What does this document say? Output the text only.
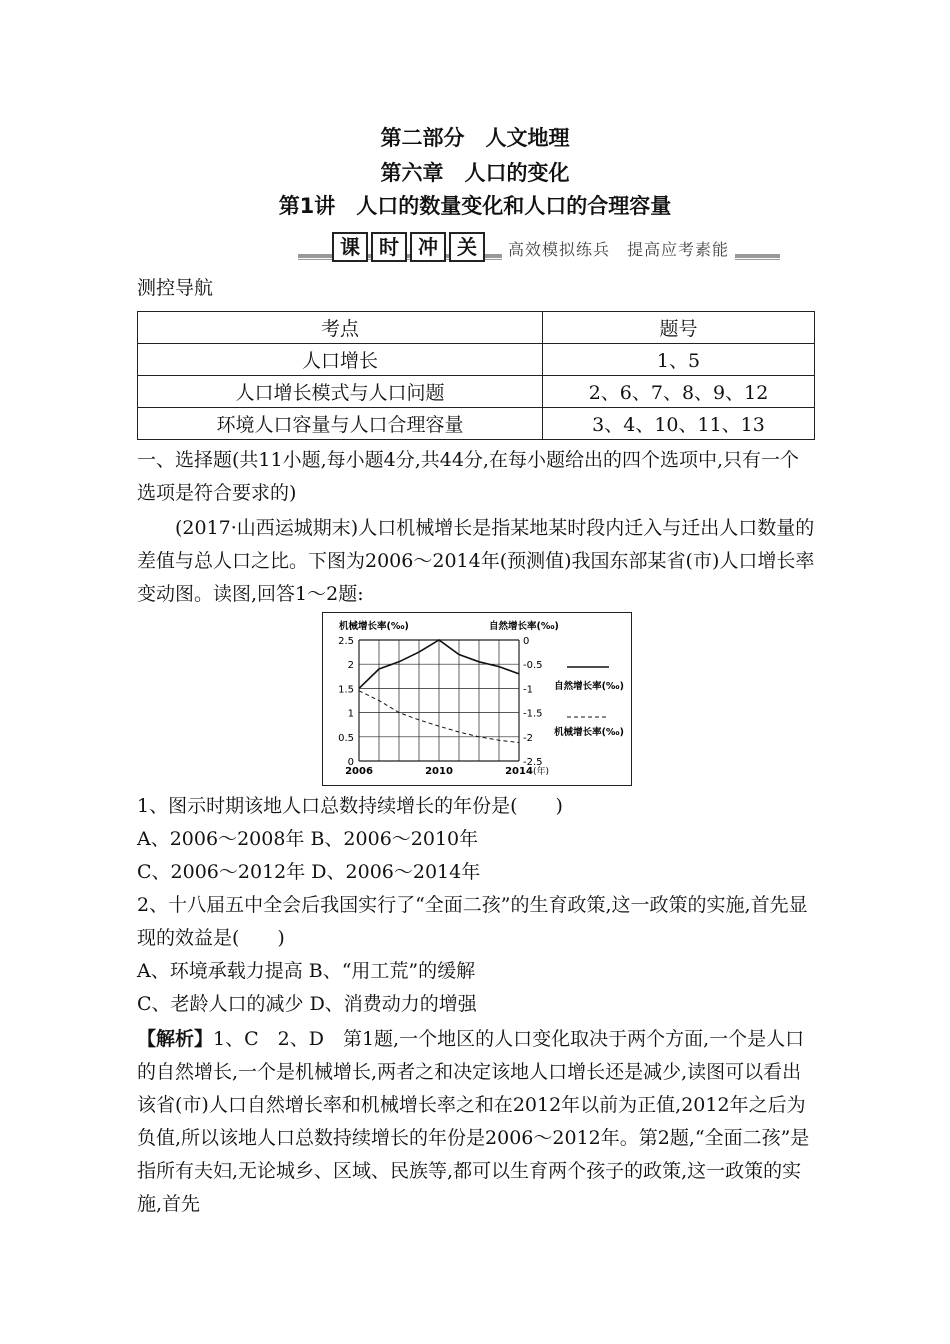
第二部分　人文地理
第六章　人口的变化
第1讲　人口的数量变化和人口的合理容量
课 时 冲 关	高效模拟练兵　提高应考素能
测控导航
考点	题号
人口增长	1、5
人口增长模式与人口问题	2、6、7、8、9、12
环境人口容量与人口合理容量	3、4、10、11、13
一、选择题(共11小题,每小题4分,共44分,在每小题给出的四个选项中,只有一个选项是符合要求的)
(2017·山西运城期末)人口机械增长是指某地某时段内迁入与迁出人口数量的差值与总人口之比。下图为2006～2014年(预测值)我国东部某省(市)人口增长率变动图。读图,回答1～2题:
0
0.5
1
1.5
2
2.5
-2.5
-2
-1.5
-1
-0.5
0
2006	2010	2014 (年)
机械增长率(‰)	自然增长率(‰)
自然增长率(‰)
机械增长率(‰)
1、图示时期该地人口总数持续增长的年份是(　　)
A、2006～2008年 B、2006～2010年
C、2006～2012年 D、2006～2014年
2、十八届五中全会后我国实行了“全面二孩”的生育政策,这一政策的实施,首先显现的效益是(　　)
A、环境承载力提高 B、“用工荒”的缓解
C、老龄人口的减少 D、消费动力的增强
【解析】1、C　2、D　第1题,一个地区的人口变化取决于两个方面,一个是人口的自然增长,一个是机械增长,两者之和决定该地人口增长还是减少,读图可以看出该省(市)人口自然增长率和机械增长率之和在2012年以前为正值,2012年之后为负值,所以该地人口总数持续增长的年份是2006～2012年。第2题,“全面二孩”是指所有夫妇,无论城乡、区域、民族等,都可以生育两个孩子的政策,这一政策的实施,首先
